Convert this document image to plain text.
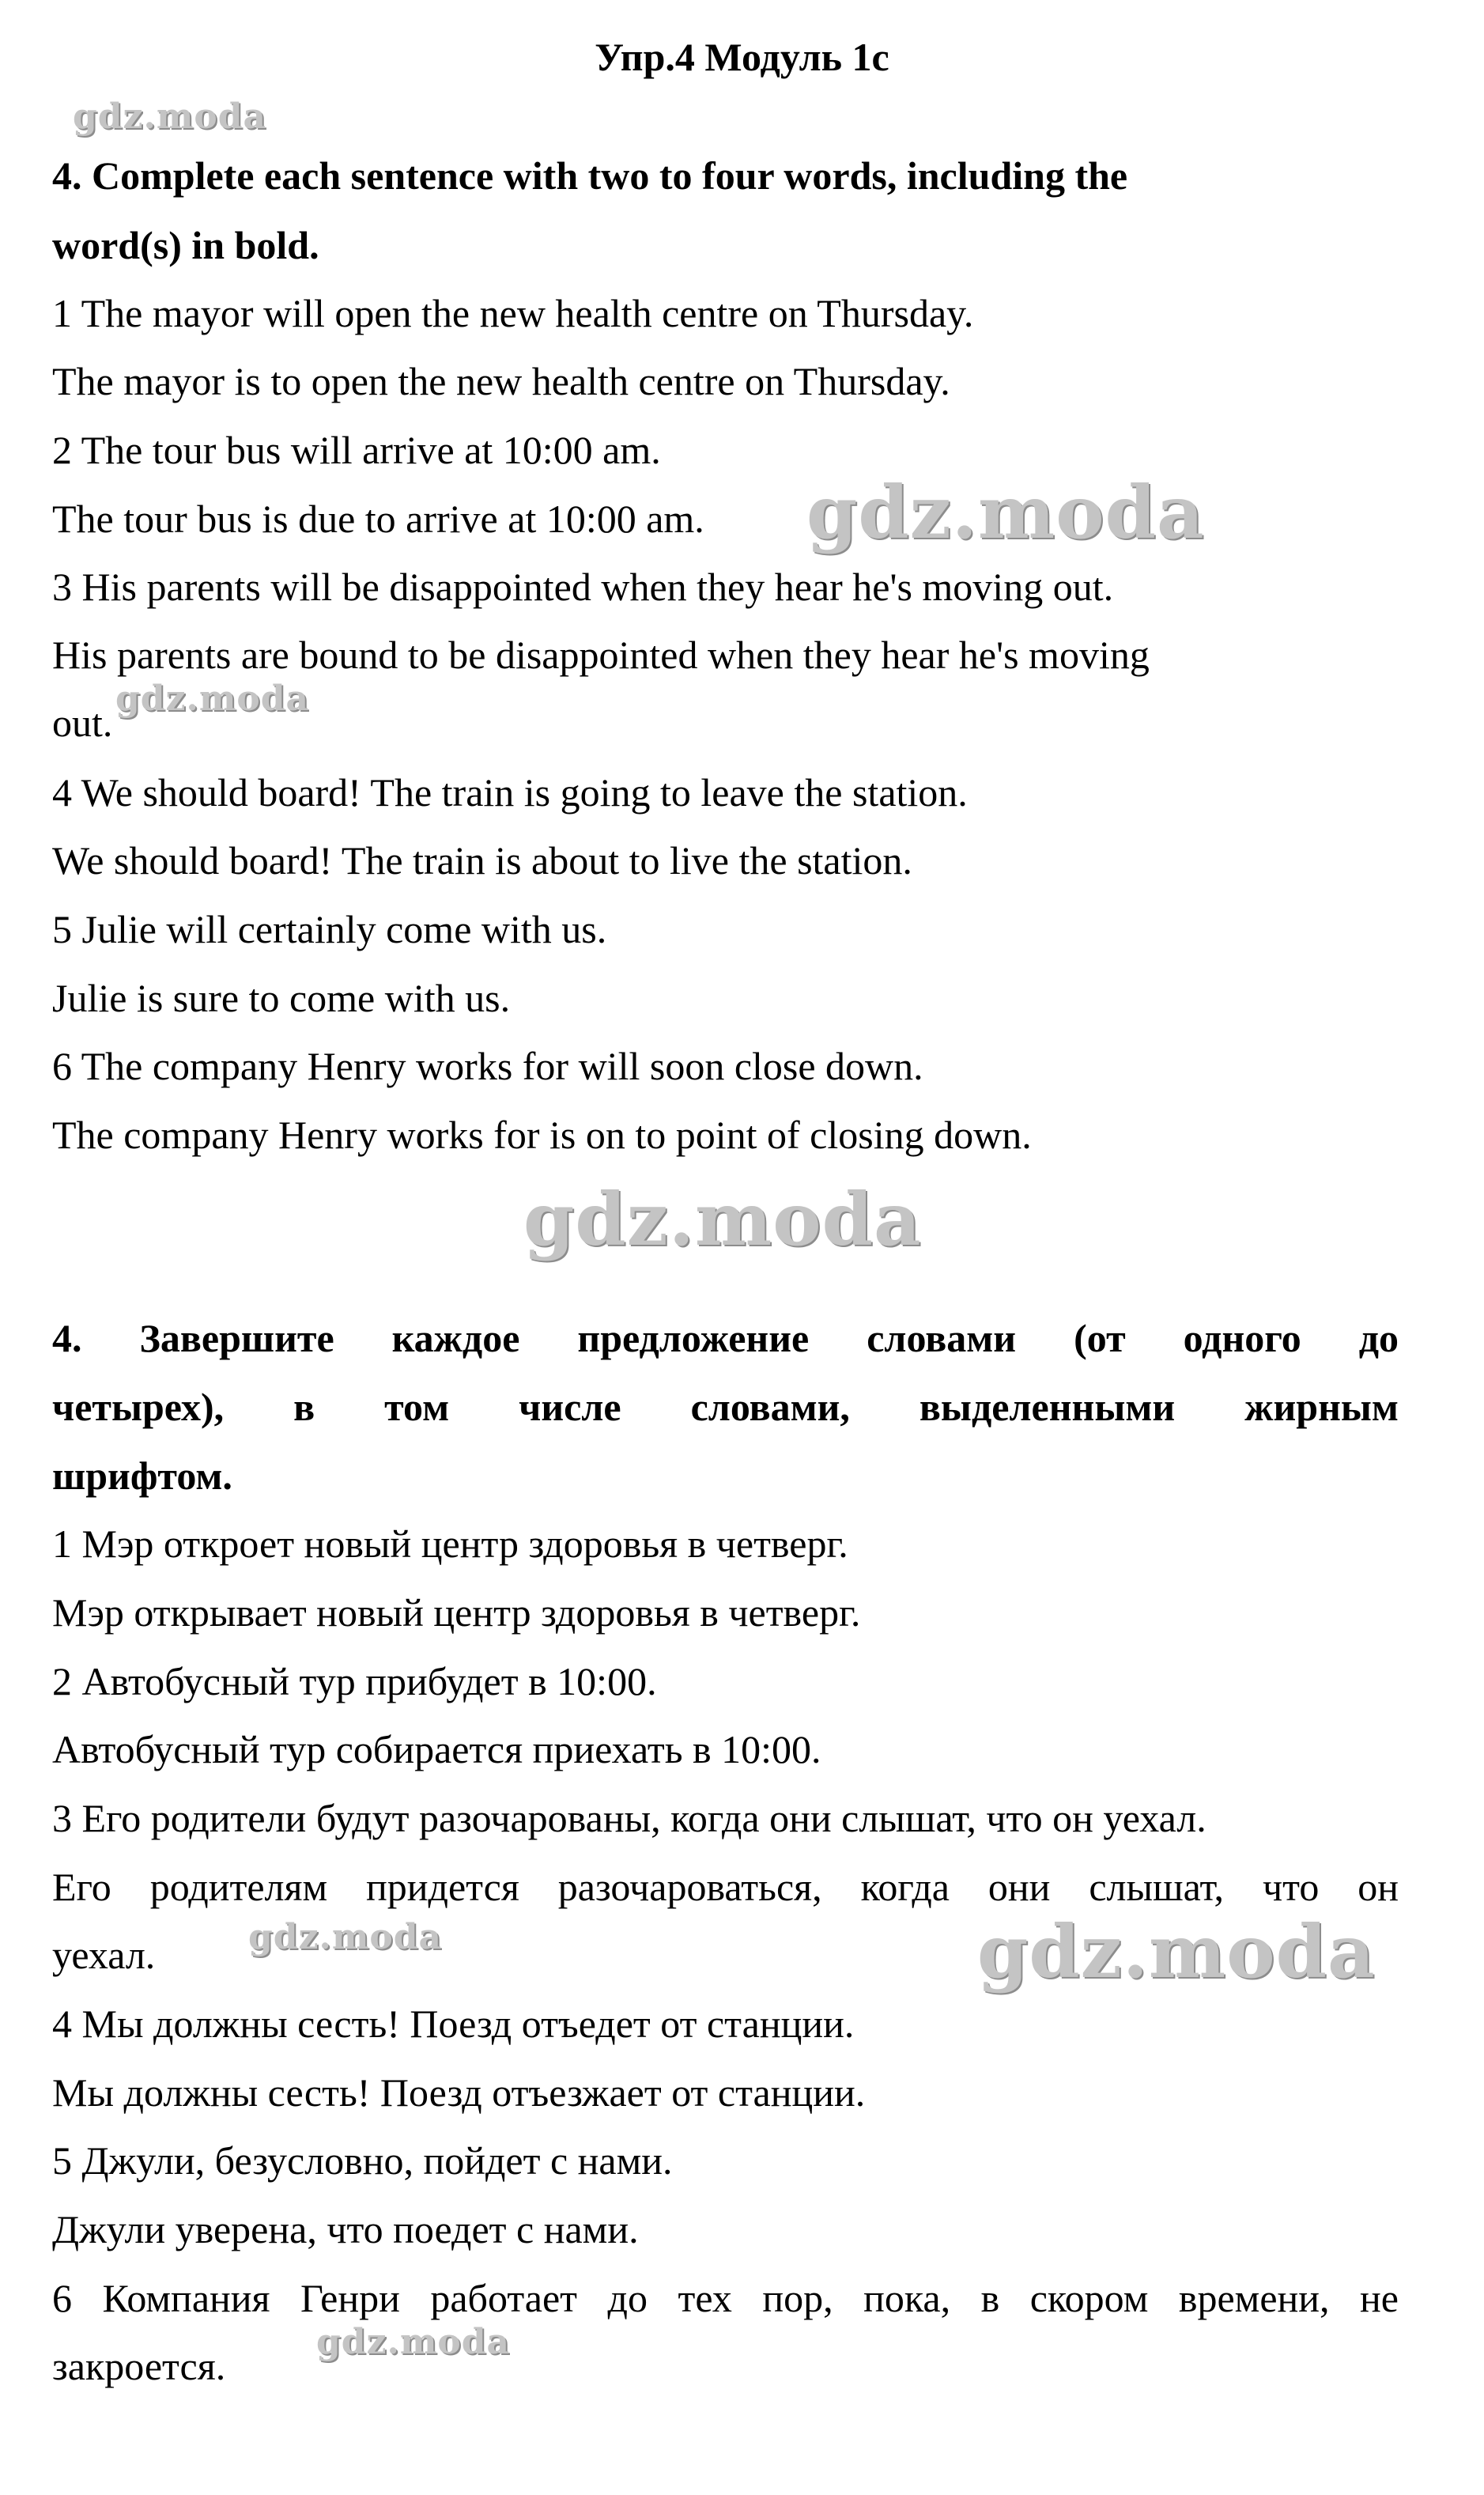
Упр.4 Модуль 1с
4. Complete each sentence with two to four words, including the
word(s) in bold.
1 The mayor will open the new health centre on Thursday.
The mayor is to open the new health centre on Thursday.
2 The tour bus will arrive at 10:00 am.
The tour bus is due to arrive at 10:00 am.
3 His parents will be disappointed when they hear he's moving out.
His parents are bound to be disappointed when they hear he's moving
out.
4 We should board! The train is going to leave the station.
We should board! The train is about to live the station.
5 Julie will certainly come with us.
Julie is sure to come with us.
6 The company Henry works for will soon close down.
The company Henry works for is on to point of closing down.
4. Завершите каждое предложение словами (от одного до
четырех), в том числе словами, выделенными жирным
шрифтом.
1 Мэр откроет новый центр здоровья в четверг.
Мэр открывает новый центр здоровья в четверг.
2 Автобусный тур прибудет в 10:00.
Автобусный тур собирается приехать в 10:00.
3 Его родители будут разочарованы, когда они слышат, что он уехал.
Его родителям придется разочароваться, когда они слышат, что он
уехал.
4 Мы должны сесть! Поезд отъедет от станции.
Мы должны сесть! Поезд отъезжает от станции.
5 Джули, безусловно, пойдет с нами.
Джули уверена, что поедет с нами.
6 Компания Генри работает до тех пор, пока, в скором времени, не
закроется.
gdz.moda
gdz.moda
gdz.moda
gdz.moda
gdz.moda	gdz.moda
gdz.moda
